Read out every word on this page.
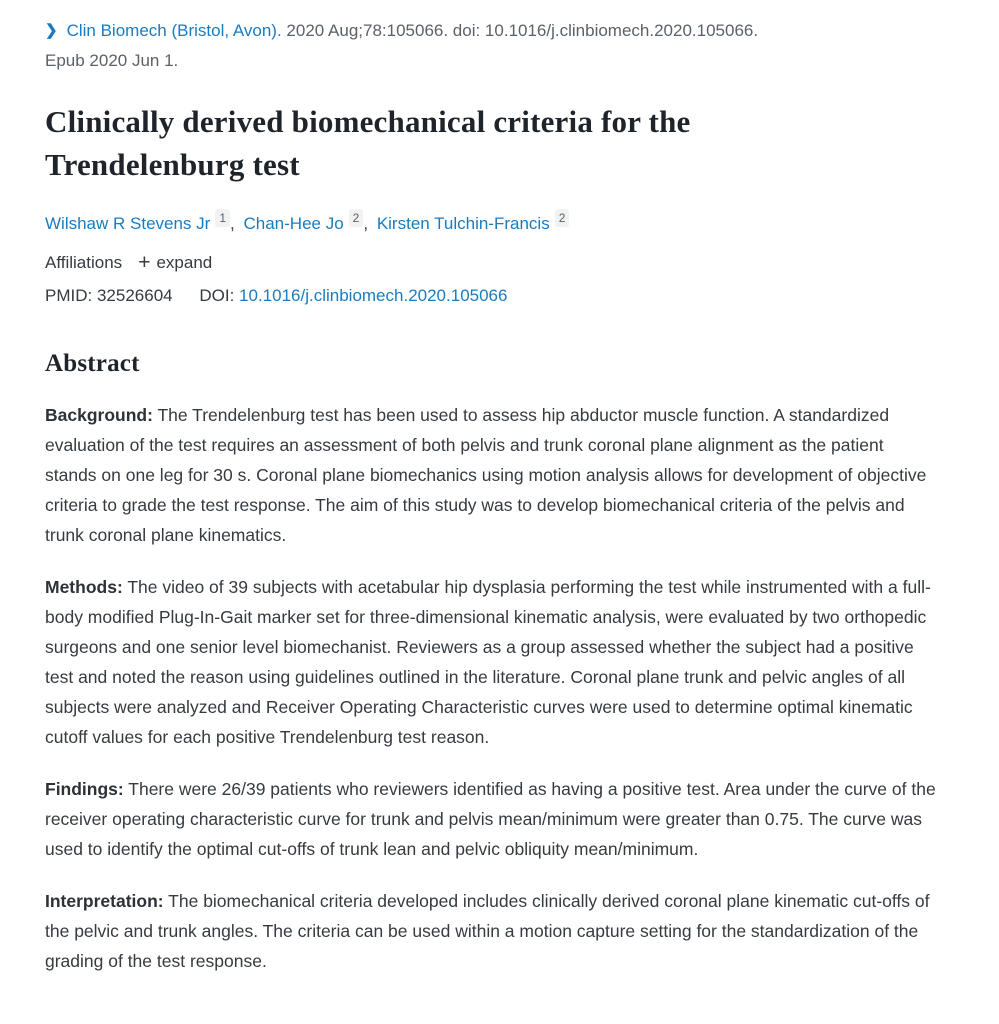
❯ Clin Biomech (Bristol, Avon). 2020 Aug;78:105066. doi: 10.1016/j.clinbiomech.2020.105066.
Epub 2020 Jun 1.
Clinically derived biomechanical criteria for the Trendelenburg test
Wilshaw R Stevens Jr 1 , Chan-Hee Jo 2 , Kirsten Tulchin-Francis 2
Affiliations + expand
PMID: 32526604 DOI: 10.1016/j.clinbiomech.2020.105066
Abstract

Background: The Trendelenburg test has been used to assess hip abductor muscle function. A standardized evaluation of the test requires an assessment of both pelvis and trunk coronal plane alignment as the patient stands on one leg for 30 s. Coronal plane biomechanics using motion analysis allows for development of objective criteria to grade the test response. The aim of this study was to develop biomechanical criteria of the pelvis and trunk coronal plane kinematics.

Methods: The video of 39 subjects with acetabular hip dysplasia performing the test while instrumented with a full-body modified Plug-In-Gait marker set for three-dimensional kinematic analysis, were evaluated by two orthopedic surgeons and one senior level biomechanist. Reviewers as a group assessed whether the subject had a positive test and noted the reason using guidelines outlined in the literature. Coronal plane trunk and pelvic angles of all subjects were analyzed and Receiver Operating Characteristic curves were used to determine optimal kinematic cutoff values for each positive Trendelenburg test reason.

Findings: There were 26/39 patients who reviewers identified as having a positive test. Area under the curve of the receiver operating characteristic curve for trunk and pelvis mean/minimum were greater than 0.75. The curve was used to identify the optimal cut-offs of trunk lean and pelvic obliquity mean/minimum.

Interpretation: The biomechanical criteria developed includes clinically derived coronal plane kinematic cut-offs of the pelvic and trunk angles. The criteria can be used within a motion capture setting for the standardization of the grading of the test response.
